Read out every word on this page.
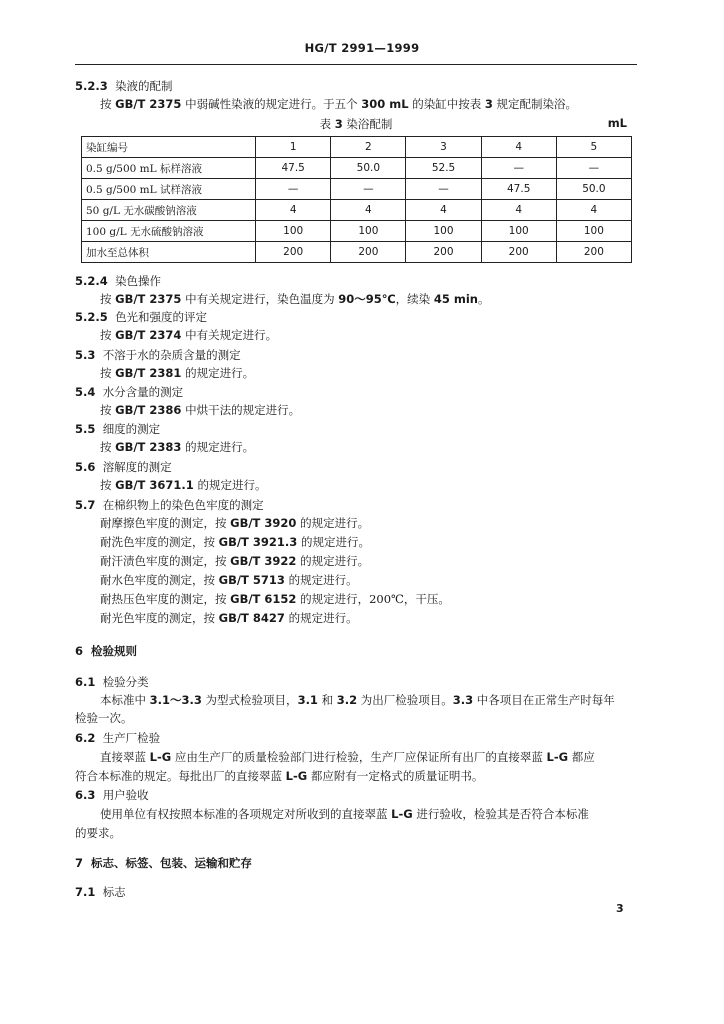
HG/T 2991—1999
5.2.3 染液的配制
按 GB/T 2375 中弱碱性染液的规定进行。于五个 300 mL 的染缸中按表 3 规定配制染浴。
表 3 染浴配制	mL
染缸编号	1	2	3	4	5
0.5 g/500 mL 标样溶液	47.5	50.0	52.5	—	—
0.5 g/500 mL 试样溶液	—	—	—	47.5	50.0
50 g/L 无水碳酸钠溶液	4	4	4	4	4
100 g/L 无水硫酸钠溶液	100	100	100	100	100
加水至总体积	200	200	200	200	200
5.2.4 染色操作
按 GB/T 2375 中有关规定进行，染色温度为 90～95℃，续染 45 min。
5.2.5 色光和强度的评定
按 GB/T 2374 中有关规定进行。
5.3 不溶于水的杂质含量的测定
按 GB/T 2381 的规定进行。
5.4 水分含量的测定
按 GB/T 2386 中烘干法的规定进行。
5.5 细度的测定
按 GB/T 2383 的规定进行。
5.6 溶解度的测定
按 GB/T 3671.1 的规定进行。
5.7 在棉织物上的染色色牢度的测定
耐摩擦色牢度的测定，按 GB/T 3920 的规定进行。
耐洗色牢度的测定，按 GB/T 3921.3 的规定进行。
耐汗渍色牢度的测定，按 GB/T 3922 的规定进行。
耐水色牢度的测定，按 GB/T 5713 的规定进行。
耐热压色牢度的测定，按 GB/T 6152 的规定进行，200℃，干压。
耐光色牢度的测定，按 GB/T 8427 的规定进行。
6 检验规则
6.1 检验分类
本标准中 3.1～3.3 为型式检验项目，3.1 和 3.2 为出厂检验项目。3.3 中各项目在正常生产时每年
检验一次。
6.2 生产厂检验
直接翠蓝 L-G 应由生产厂的质量检验部门进行检验，生产厂应保证所有出厂的直接翠蓝 L-G 都应
符合本标准的规定。每批出厂的直接翠蓝 L-G 都应附有一定格式的质量证明书。
6.3 用户验收
使用单位有权按照本标准的各项规定对所收到的直接翠蓝 L-G 进行验收，检验其是否符合本标准
的要求。
7 标志、标签、包装、运输和贮存
7.1 标志
3
